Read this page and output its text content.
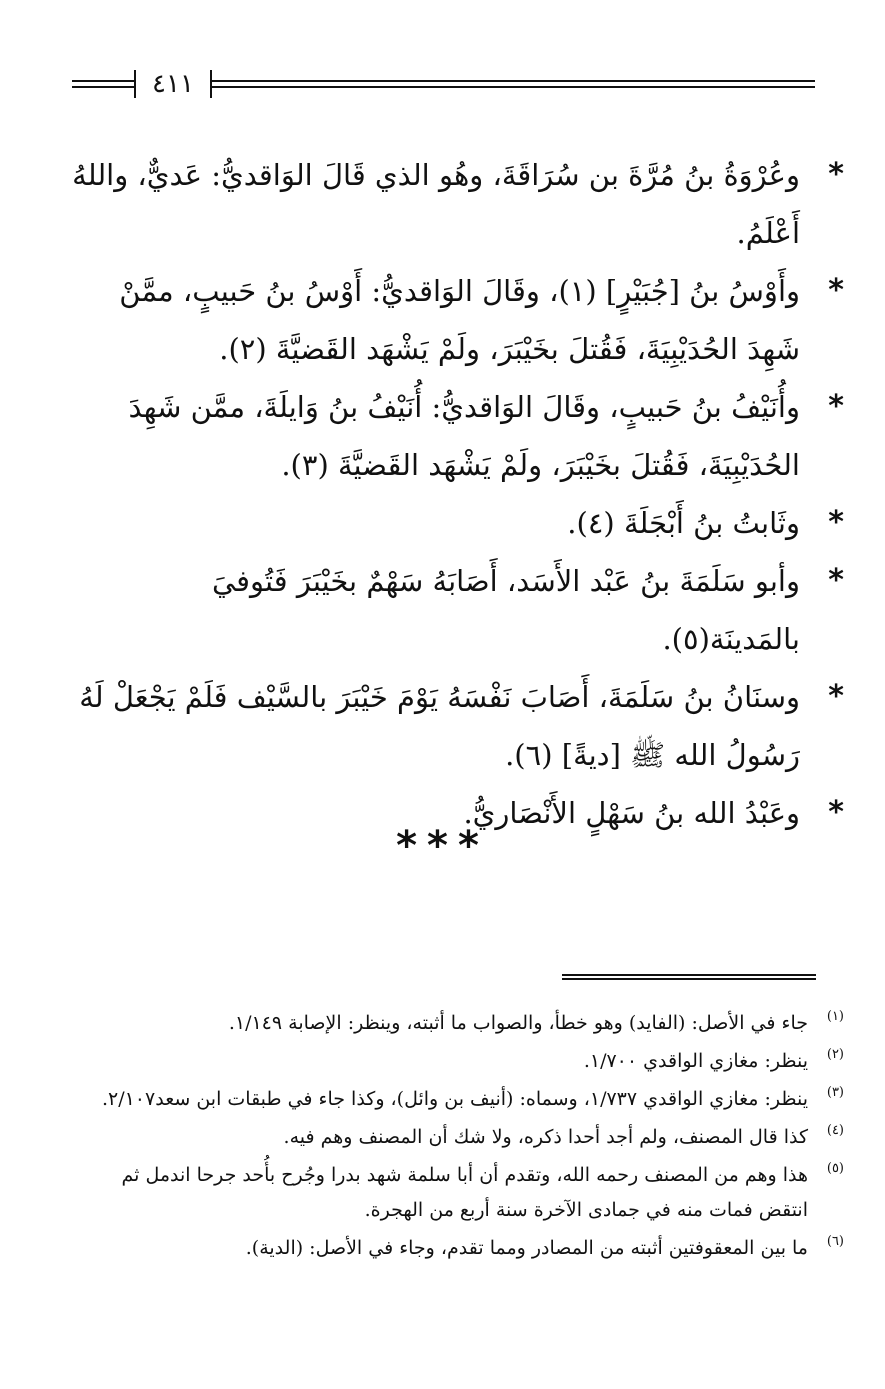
٤١١

*
وعُرْوَةُ بنُ مُرَّةَ بن سُرَاقَةَ، وهُو الذي قَالَ الوَاقديُّ: عَديٌّ، واللهُ أَعْلَمُ.

*
وأَوْسُ بنُ [جُبَيْرٍ] (١)، وقَالَ الوَاقديُّ: أَوْسُ بنُ حَبيبٍ، ممَّنْ شَهِدَ الحُدَيْبِيَةَ، فَقُتلَ بخَيْبَرَ، ولَمْ يَشْهَد القَضيَّةَ (٢).

*
وأُنَيْفُ بنُ حَبيبٍ، وقَالَ الوَاقديُّ: أُنَيْفُ بنُ وَايلَةَ، ممَّن شَهِدَ الحُدَيْبِيَةَ، فَقُتلَ بخَيْبَرَ، ولَمْ يَشْهَد القَضيَّةَ (٣).

*
وثَابتُ بنُ أَبْجَلَةَ (٤).

*
وأبو سَلَمَةَ بنُ عَبْد الأَسَد، أَصَابَهُ سَهْمٌ بخَيْبَرَ فَتُوفيَ بالمَدينَة(٥).

*
وسنَانُ بنُ سَلَمَةَ، أَصَابَ نَفْسَهُ يَوْمَ خَيْبَرَ بالسَّيْف فَلَمْ يَجْعَلْ لَهُ رَسُولُ الله ﷺ [ديةً] (٦).

*
وعَبْدُ الله بنُ سَهْلٍ الأَنْصَاريُّ.

***

(١)
جاء في الأصل: (الفايد) وهو خطأ، والصواب ما أثبته، وينظر: الإصابة ١/١٤٩.

(٢)
ينظر: مغازي الواقدي ١/٧٠٠.

(٣)
ينظر: مغازي الواقدي ١/٧٣٧، وسماه: (أنيف بن وائل)، وكذا جاء في طبقات ابن سعد٢/١٠٧.

(٤)
كذا قال المصنف، ولم أجد أحدا ذكره، ولا شك أن المصنف وهم فيه.

(٥)
هذا وهم من المصنف رحمه الله، وتقدم أن أبا سلمة شهد بدرا وجُرح بأُحد جرحا اندمل ثم انتقض فمات منه في جمادى الآخرة سنة أربع من الهجرة.

(٦)
ما بين المعقوفتين أثبته من المصادر ومما تقدم، وجاء في الأصل: (الدية).
